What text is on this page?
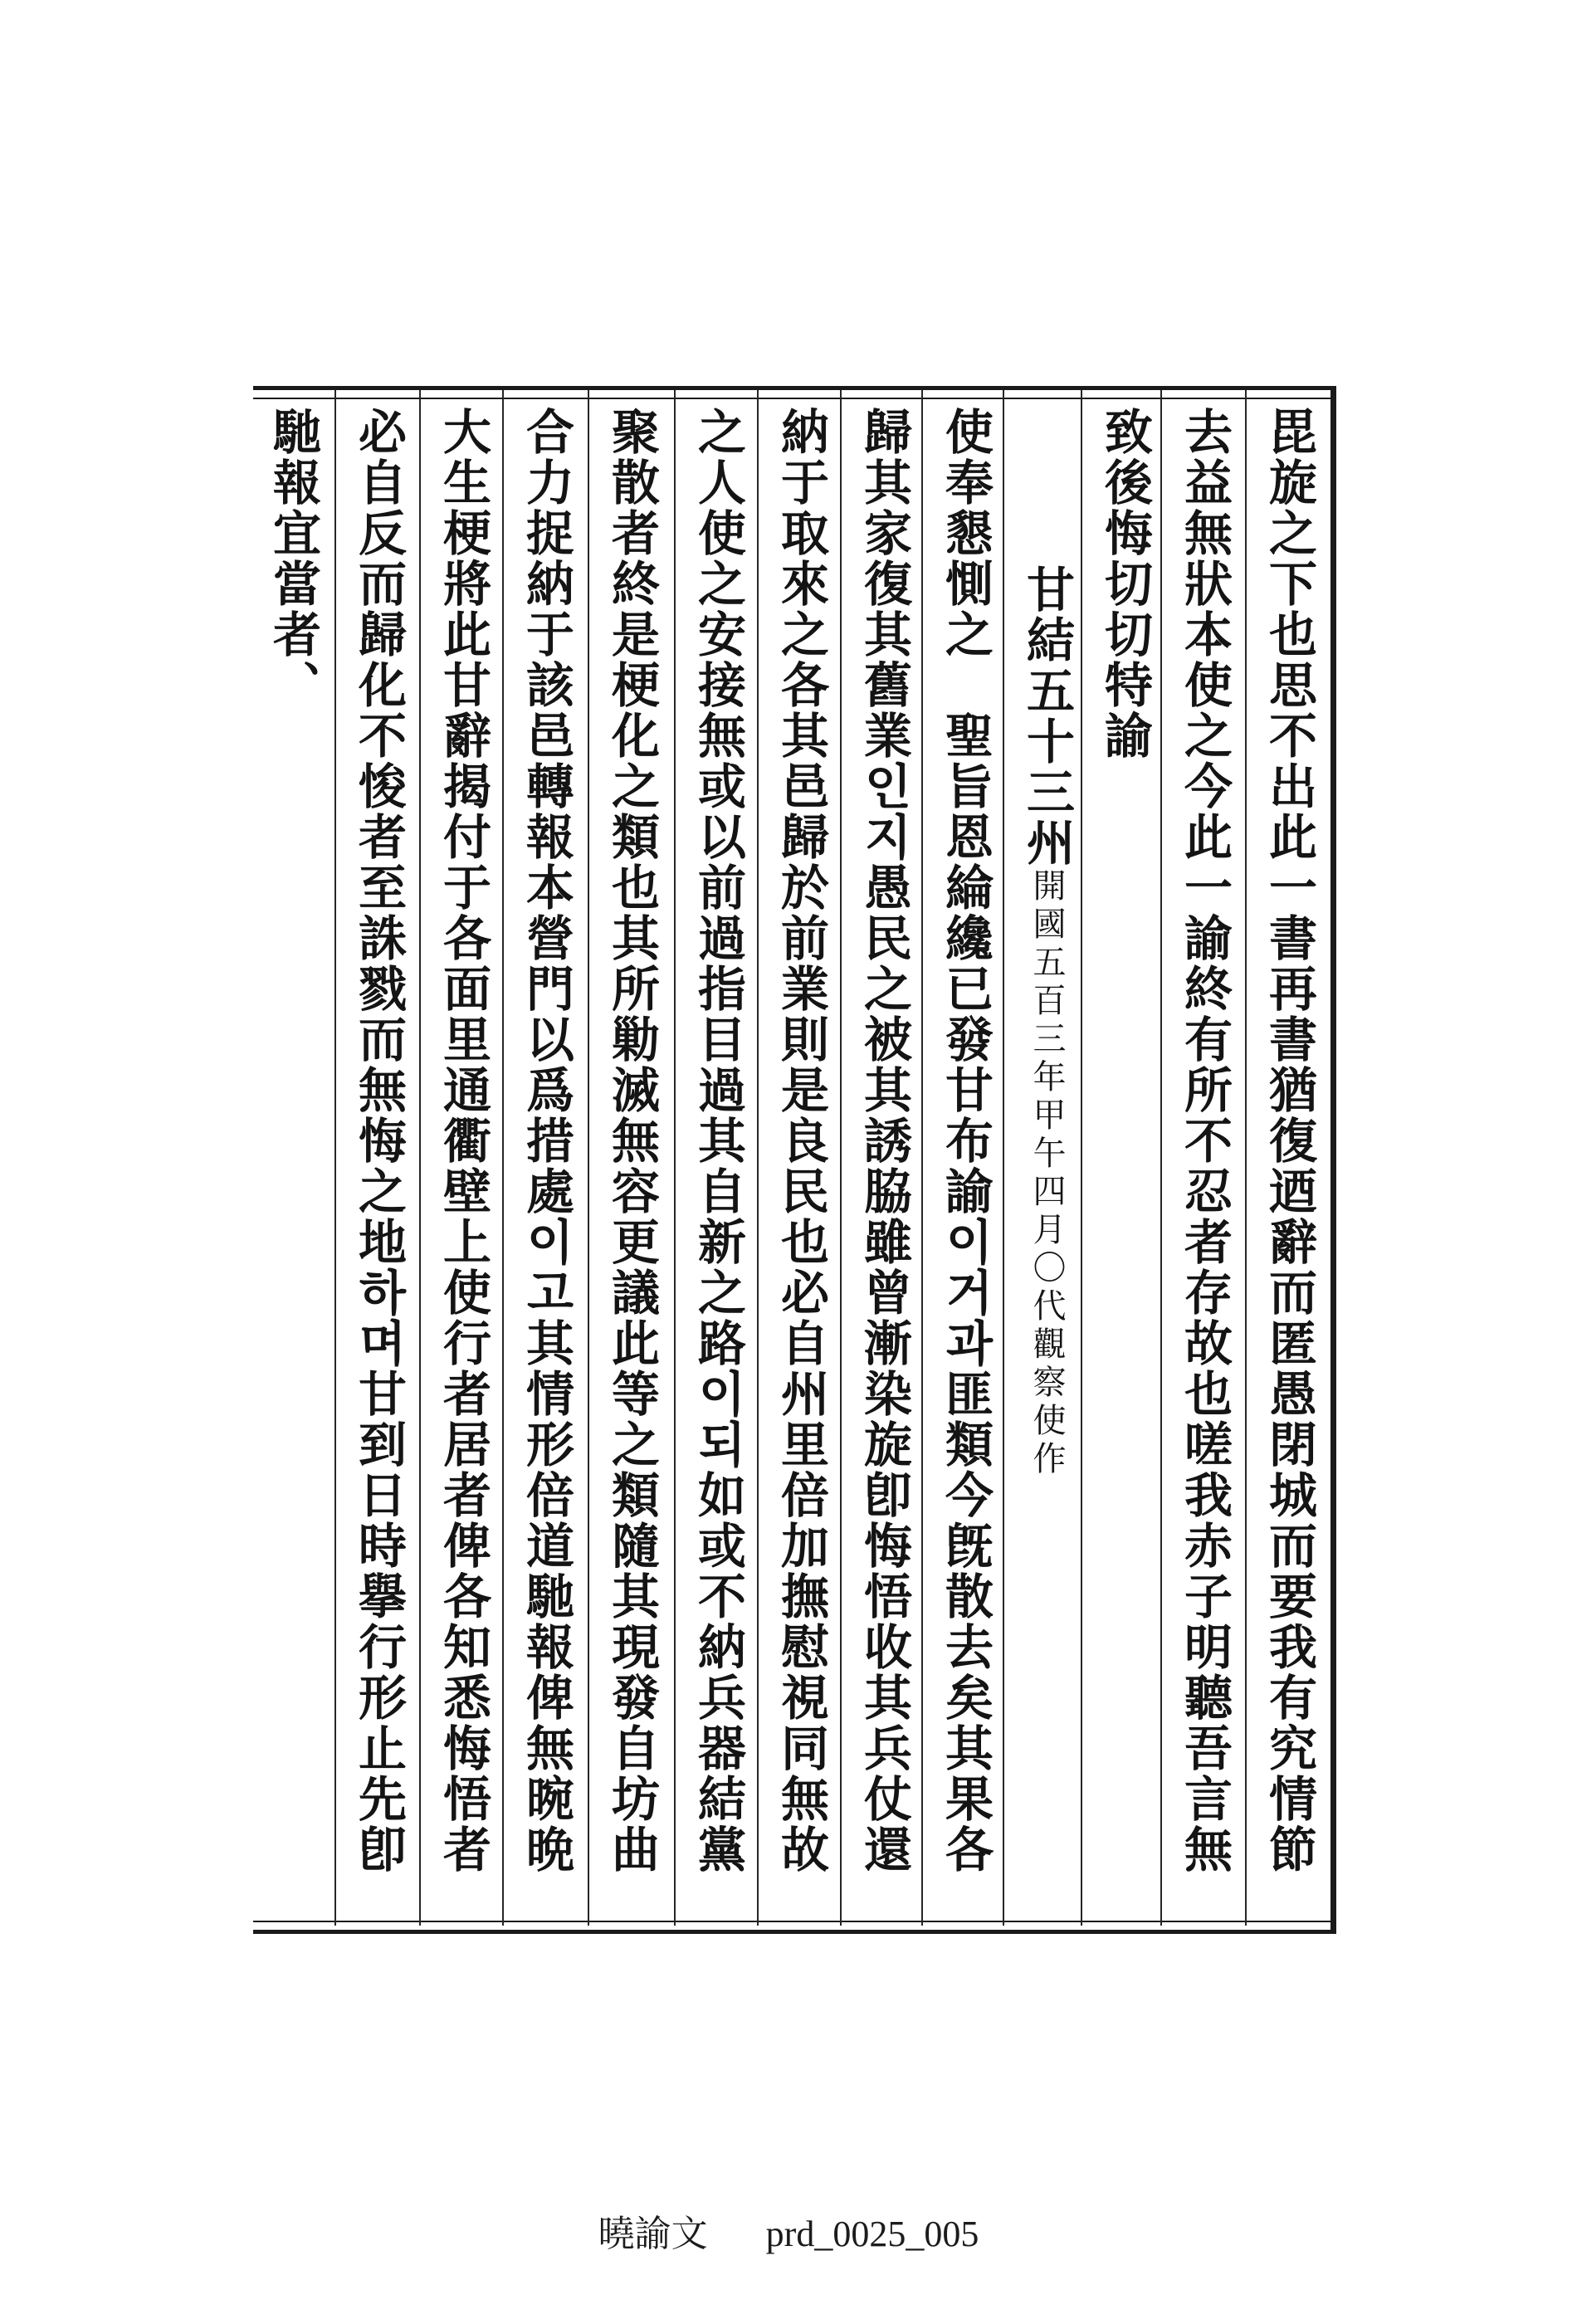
毘旋之下也思不出此一書再書猶復迺辭而匿愚閉城而要我有究情節
去益無狀本使之今此一諭終有所不忍者存故也嗟我赤子明聽吾言無
致後悔切切特諭
甘結五十三州開國五百三年甲午四月〇代觀察使作
使奉懇惻之　聖旨恩綸纔已發甘布諭이거과匪類今旣散去矣其果各
歸其家復其舊業인지愚民之被其誘脇雖曾漸染旋卽悔悟收其兵仗還
納于取來之各其邑歸於前業則是良民也必自州里倍加撫慰視同無故
之人使之安接無或以前過指目過其自新之路이되如或不納兵器結黨
聚散者終是梗化之類也其所勦滅無容更議此等之類隨其現發自坊曲
合力捉納于該邑轉報本營門以爲措處이고其情形倍道馳報俾無晼晩
大生梗將此甘辭揭付于各面里通衢壁上使行者居者俾各知悉悔悟者
必自反而歸化不悛者至誅戮而無悔之地하며甘到日時擧行形止先卽
馳報宜當者、
曉諭文 prd_0025_005
